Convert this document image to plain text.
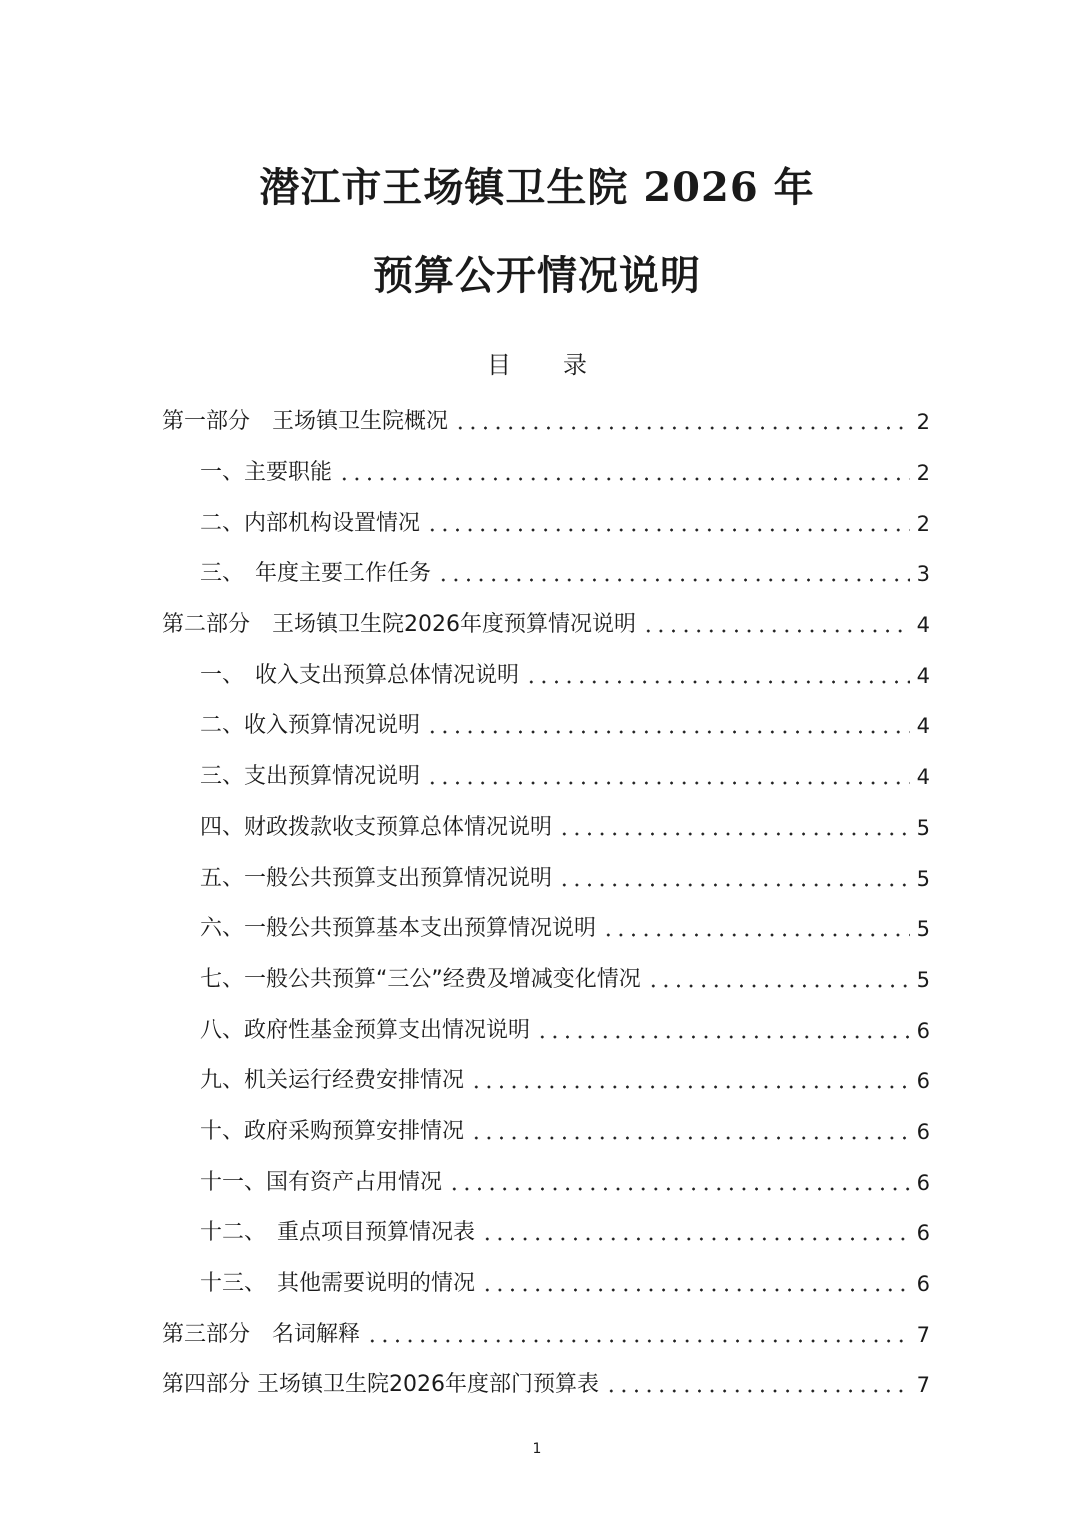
潜江市王场镇卫生院 2026 年
预算公开情况说明
目 录
第一部分　王场镇卫生院概况	2
一、主要职能	2
二、内部机构设置情况	2
三、　年度主要工作任务	3
第二部分　王场镇卫生院2026年度预算情况说明	4
一、　收入支出预算总体情况说明	4
二、收入预算情况说明	4
三、支出预算情况说明	4
四、财政拨款收支预算总体情况说明	5
五、一般公共预算支出预算情况说明	5
六、一般公共预算基本支出预算情况说明	5
七、一般公共预算“三公”经费及增减变化情况	5
八、政府性基金预算支出情况说明	6
九、机关运行经费安排情况	6
十、政府采购预算安排情况	6
十一、国有资产占用情况	6
十二、　重点项目预算情况表	6
十三、　其他需要说明的情况	6
第三部分　名词解释	7
第四部分 王场镇卫生院2026年度部门预算表	7
1
